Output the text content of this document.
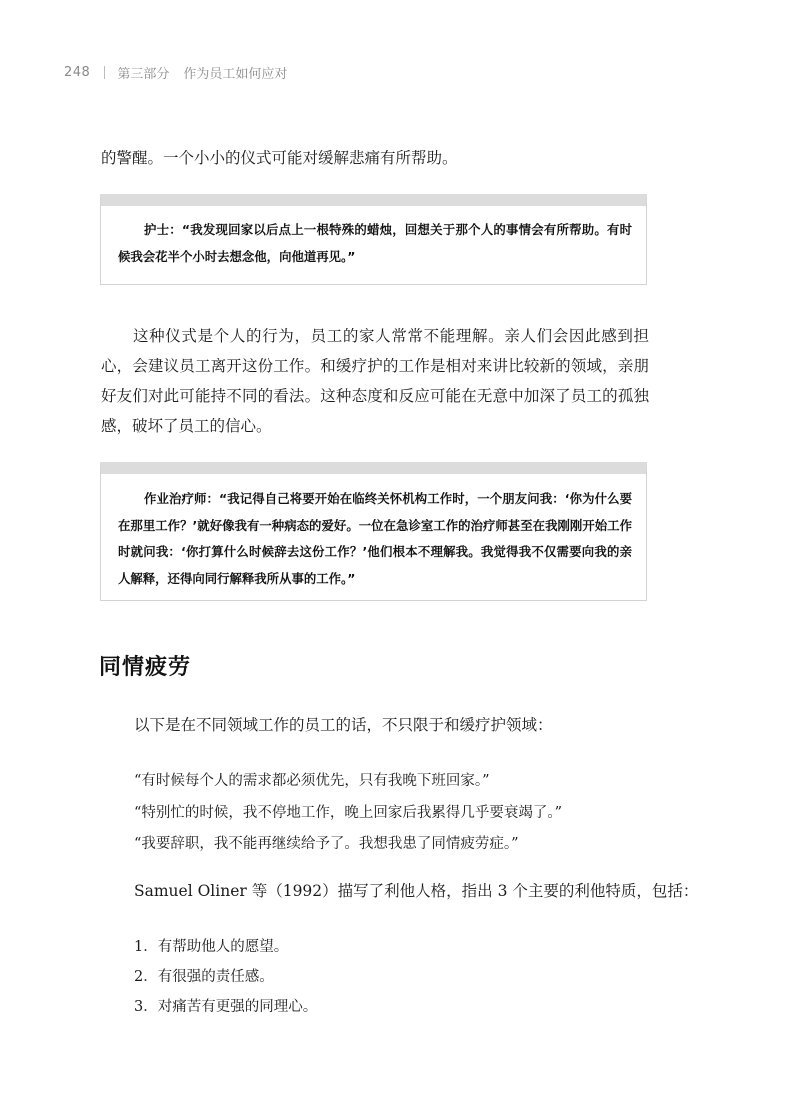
248 第三部分 作为员工如何应对

的警醒。一个小小的仪式可能对缓解悲痛有所帮助。

护士：“我发现回家以后点上一根特殊的蜡烛，回想关于那个人的事情会有所帮助。有时候我会花半个小时去想念他，向他道再见。”

这种仪式是个人的行为，员工的家人常常不能理解。亲人们会因此感到担心，会建议员工离开这份工作。和缓疗护的工作是相对来讲比较新的领域，亲朋好友们对此可能持不同的看法。这种态度和反应可能在无意中加深了员工的孤独感，破坏了员工的信心。

作业治疗师：“我记得自己将要开始在临终关怀机构工作时，一个朋友问我：‘你为什么要在那里工作？’就好像我有一种病态的爱好。一位在急诊室工作的治疗师甚至在我刚刚开始工作时就问我：‘你打算什么时候辞去这份工作？’他们根本不理解我。我觉得我不仅需要向我的亲人解释，还得向同行解释我所从事的工作。”

同情疲劳

以下是在不同领域工作的员工的话，不只限于和缓疗护领域：

“有时候每个人的需求都必须优先，只有我晚下班回家。”

“特别忙的时候，我不停地工作，晚上回家后我累得几乎要衰竭了。”

“我要辞职，我不能再继续给予了。我想我患了同情疲劳症。”

Samuel Oliner 等（1992）描写了利他人格，指出 3 个主要的利他特质，包括：

1．有帮助他人的愿望。

2．有很强的责任感。

3．对痛苦有更强的同理心。
